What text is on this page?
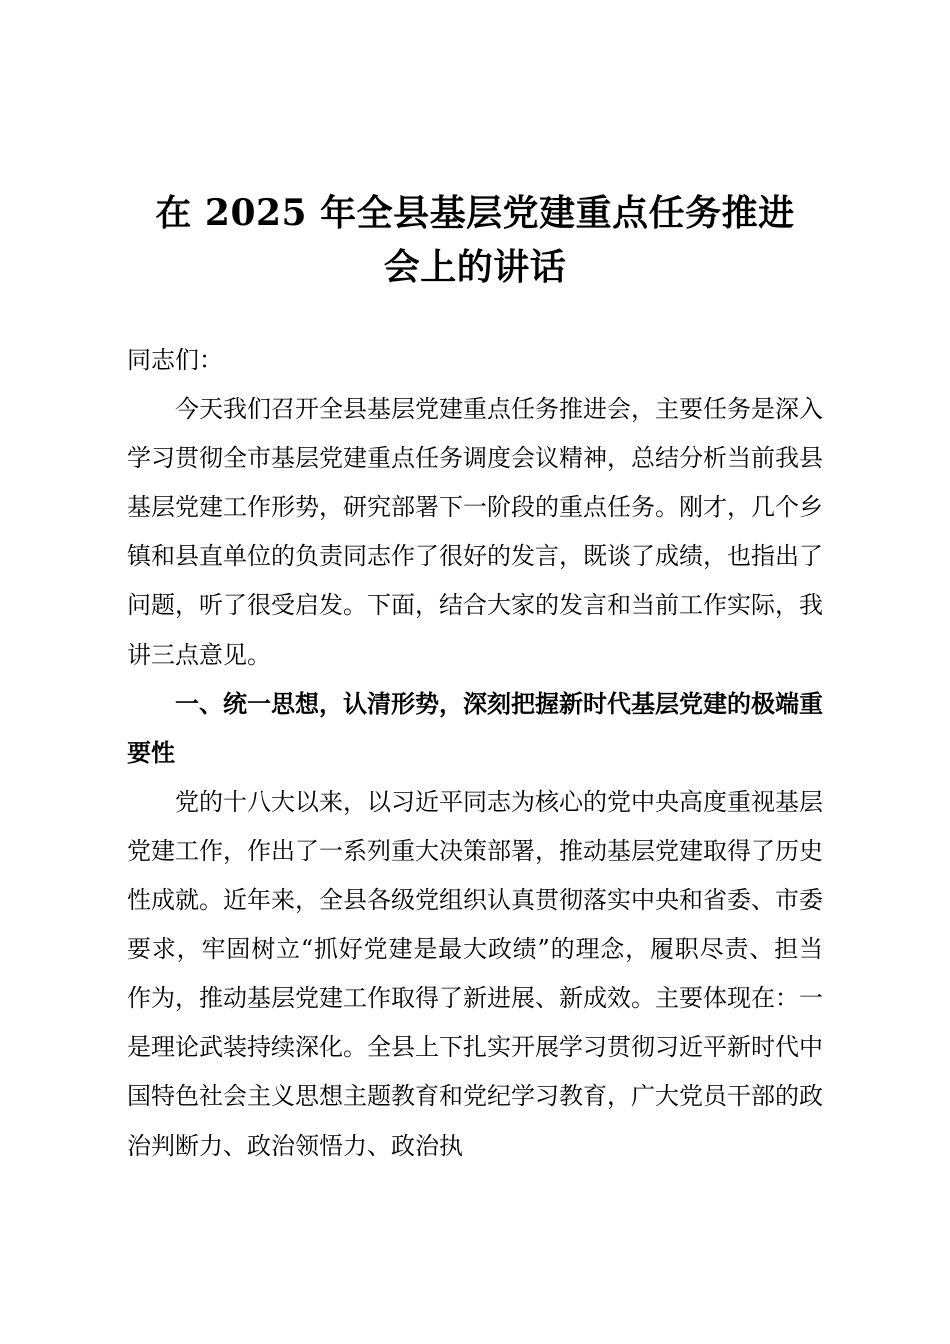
在 2025 年全县基层党建重点任务推进
会上的讲话

同志们：

今天我们召开全县基层党建重点任务推进会，主要任务是深入学习贯彻全市基层党建重点任务调度会议精神，总结分析当前我县基层党建工作形势，研究部署下一阶段的重点任务。刚才，几个乡镇和县直单位的负责同志作了很好的发言，既谈了成绩，也指出了问题，听了很受启发。下面，结合大家的发言和当前工作实际，我讲三点意见。

一、统一思想，认清形势，深刻把握新时代基层党建的极端重要性

党的十八大以来，以习近平同志为核心的党中央高度重视基层党建工作，作出了一系列重大决策部署，推动基层党建取得了历史性成就。近年来，全县各级党组织认真贯彻落实中央和省委、市委要求，牢固树立“抓好党建是最大政绩”的理念，履职尽责、担当作为，推动基层党建工作取得了新进展、新成效。主要体现在：一是理论武装持续深化。全县上下扎实开展学习贯彻习近平新时代中国特色社会主义思想主题教育和党纪学习教育，广大党员干部的政治判断力、政治领悟力、政治执
